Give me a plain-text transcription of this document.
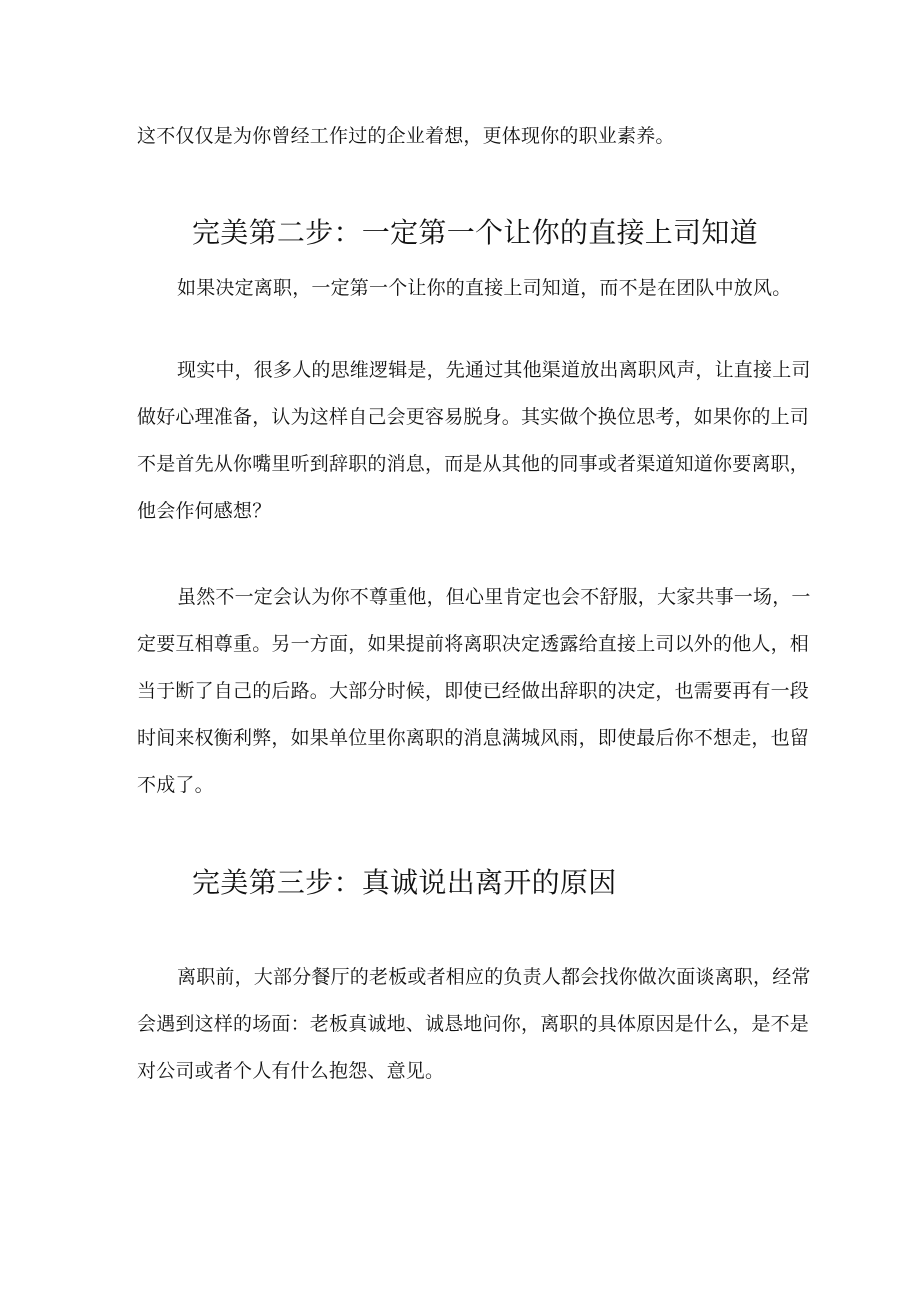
这不仅仅是为你曾经工作过的企业着想，更体现你的职业素养。
完美第二步：一定第一个让你的直接上司知道
如果决定离职，一定第一个让你的直接上司知道，而不是在团队中放风。
现实中，很多人的思维逻辑是，先通过其他渠道放出离职风声，让直接上司
做好心理准备，认为这样自己会更容易脱身。其实做个换位思考，如果你的上司
不是首先从你嘴里听到辞职的消息，而是从其他的同事或者渠道知道你要离职，
他会作何感想？
虽然不一定会认为你不尊重他，但心里肯定也会不舒服，大家共事一场，一
定要互相尊重。另一方面，如果提前将离职决定透露给直接上司以外的他人，相
当于断了自己的后路。大部分时候，即使已经做出辞职的决定，也需要再有一段
时间来权衡利弊，如果单位里你离职的消息满城风雨，即使最后你不想走，也留
不成了。
完美第三步：真诚说出离开的原因
离职前，大部分餐厅的老板或者相应的负责人都会找你做次面谈离职，经常
会遇到这样的场面：老板真诚地、诚恳地问你，离职的具体原因是什么，是不是
对公司或者个人有什么抱怨、意见。
